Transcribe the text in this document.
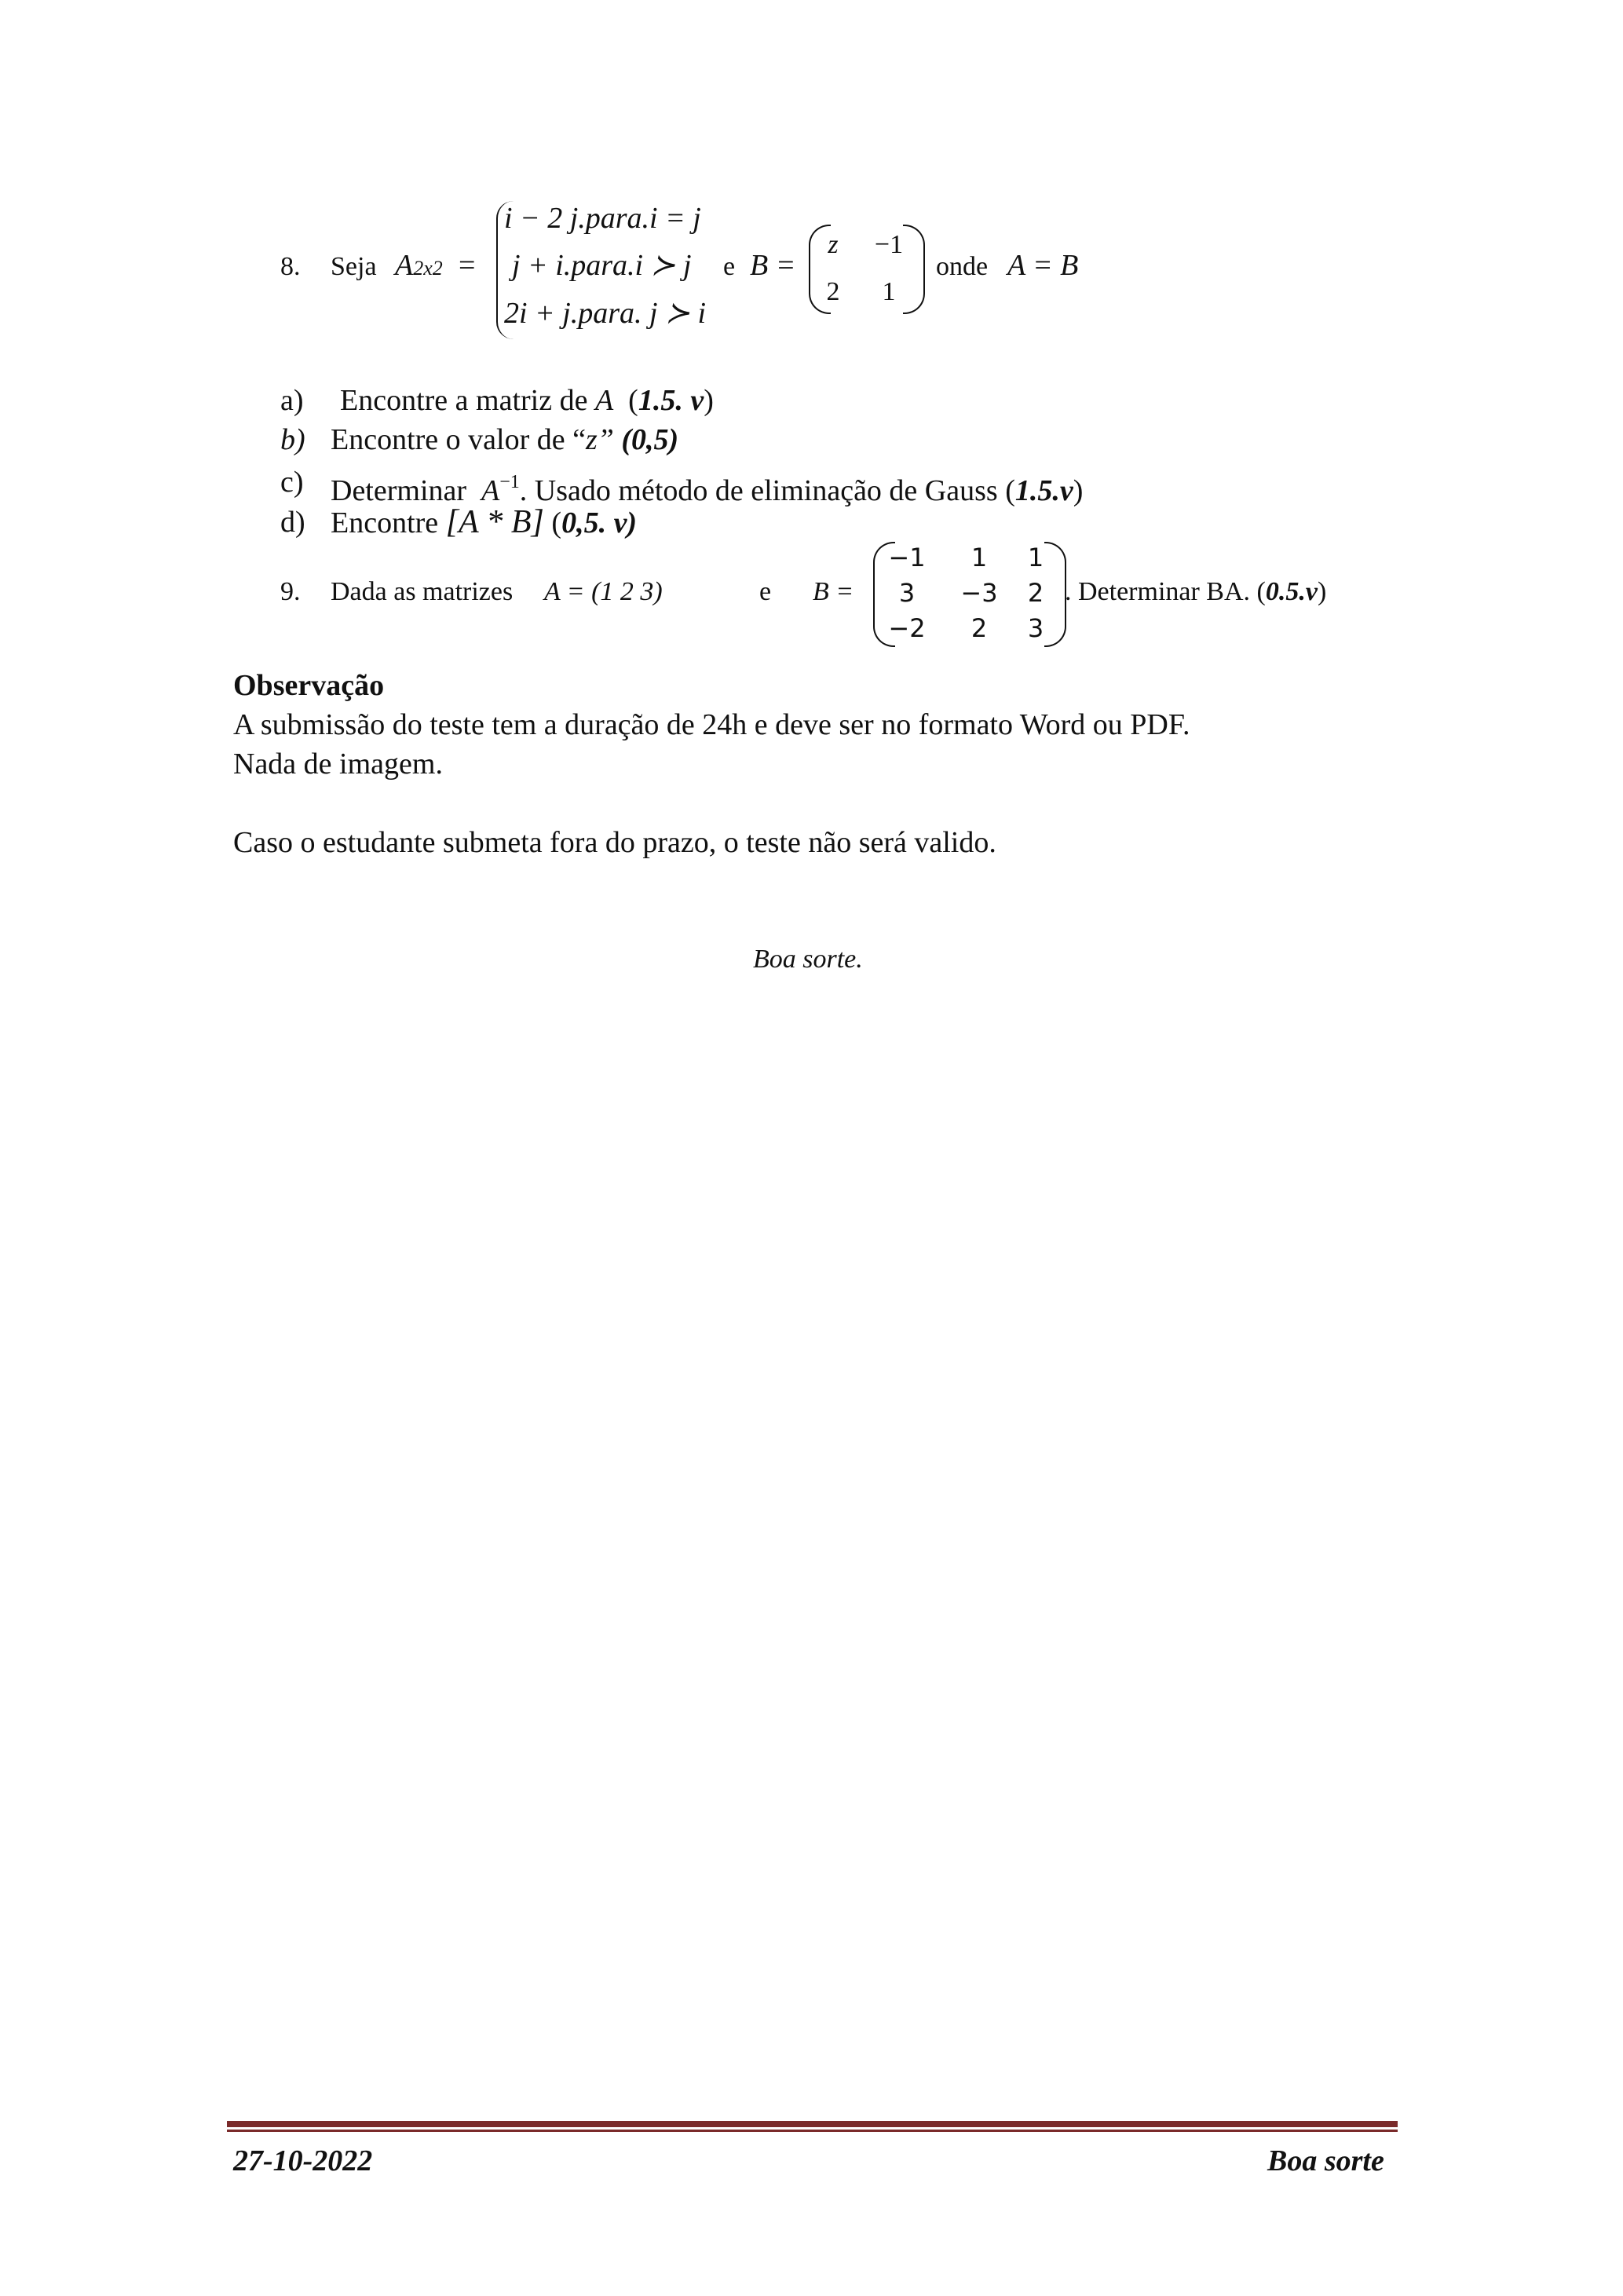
8. Seja A2x2 =
i − 2 j.para.i = j
j + i.para.i ≻ j
2i + j.para. j ≻ i
e B =
z	−1
2	1
onde A = B
a) Encontre a matriz de A (1.5. v)
b) Encontre o valor de “z” (0,5)
c) Determinar $A^{-1}$. Usado método de eliminação de Gauss (1.5.v)
d) Encontre [A * B] (0,5. v)
9. Dada as matrizes A = (1 2 3)	e B =
−1	1	1
3	−3	2
−2	2	3
. Determinar BA. (0.5.v)
Observação
A submissão do teste tem a duração de 24h e deve ser no formato Word ou PDF.
Nada de imagem.
Caso o estudante submeta fora do prazo, o teste não será valido.
Boa sorte.
27-10-2022	Boa sorte
